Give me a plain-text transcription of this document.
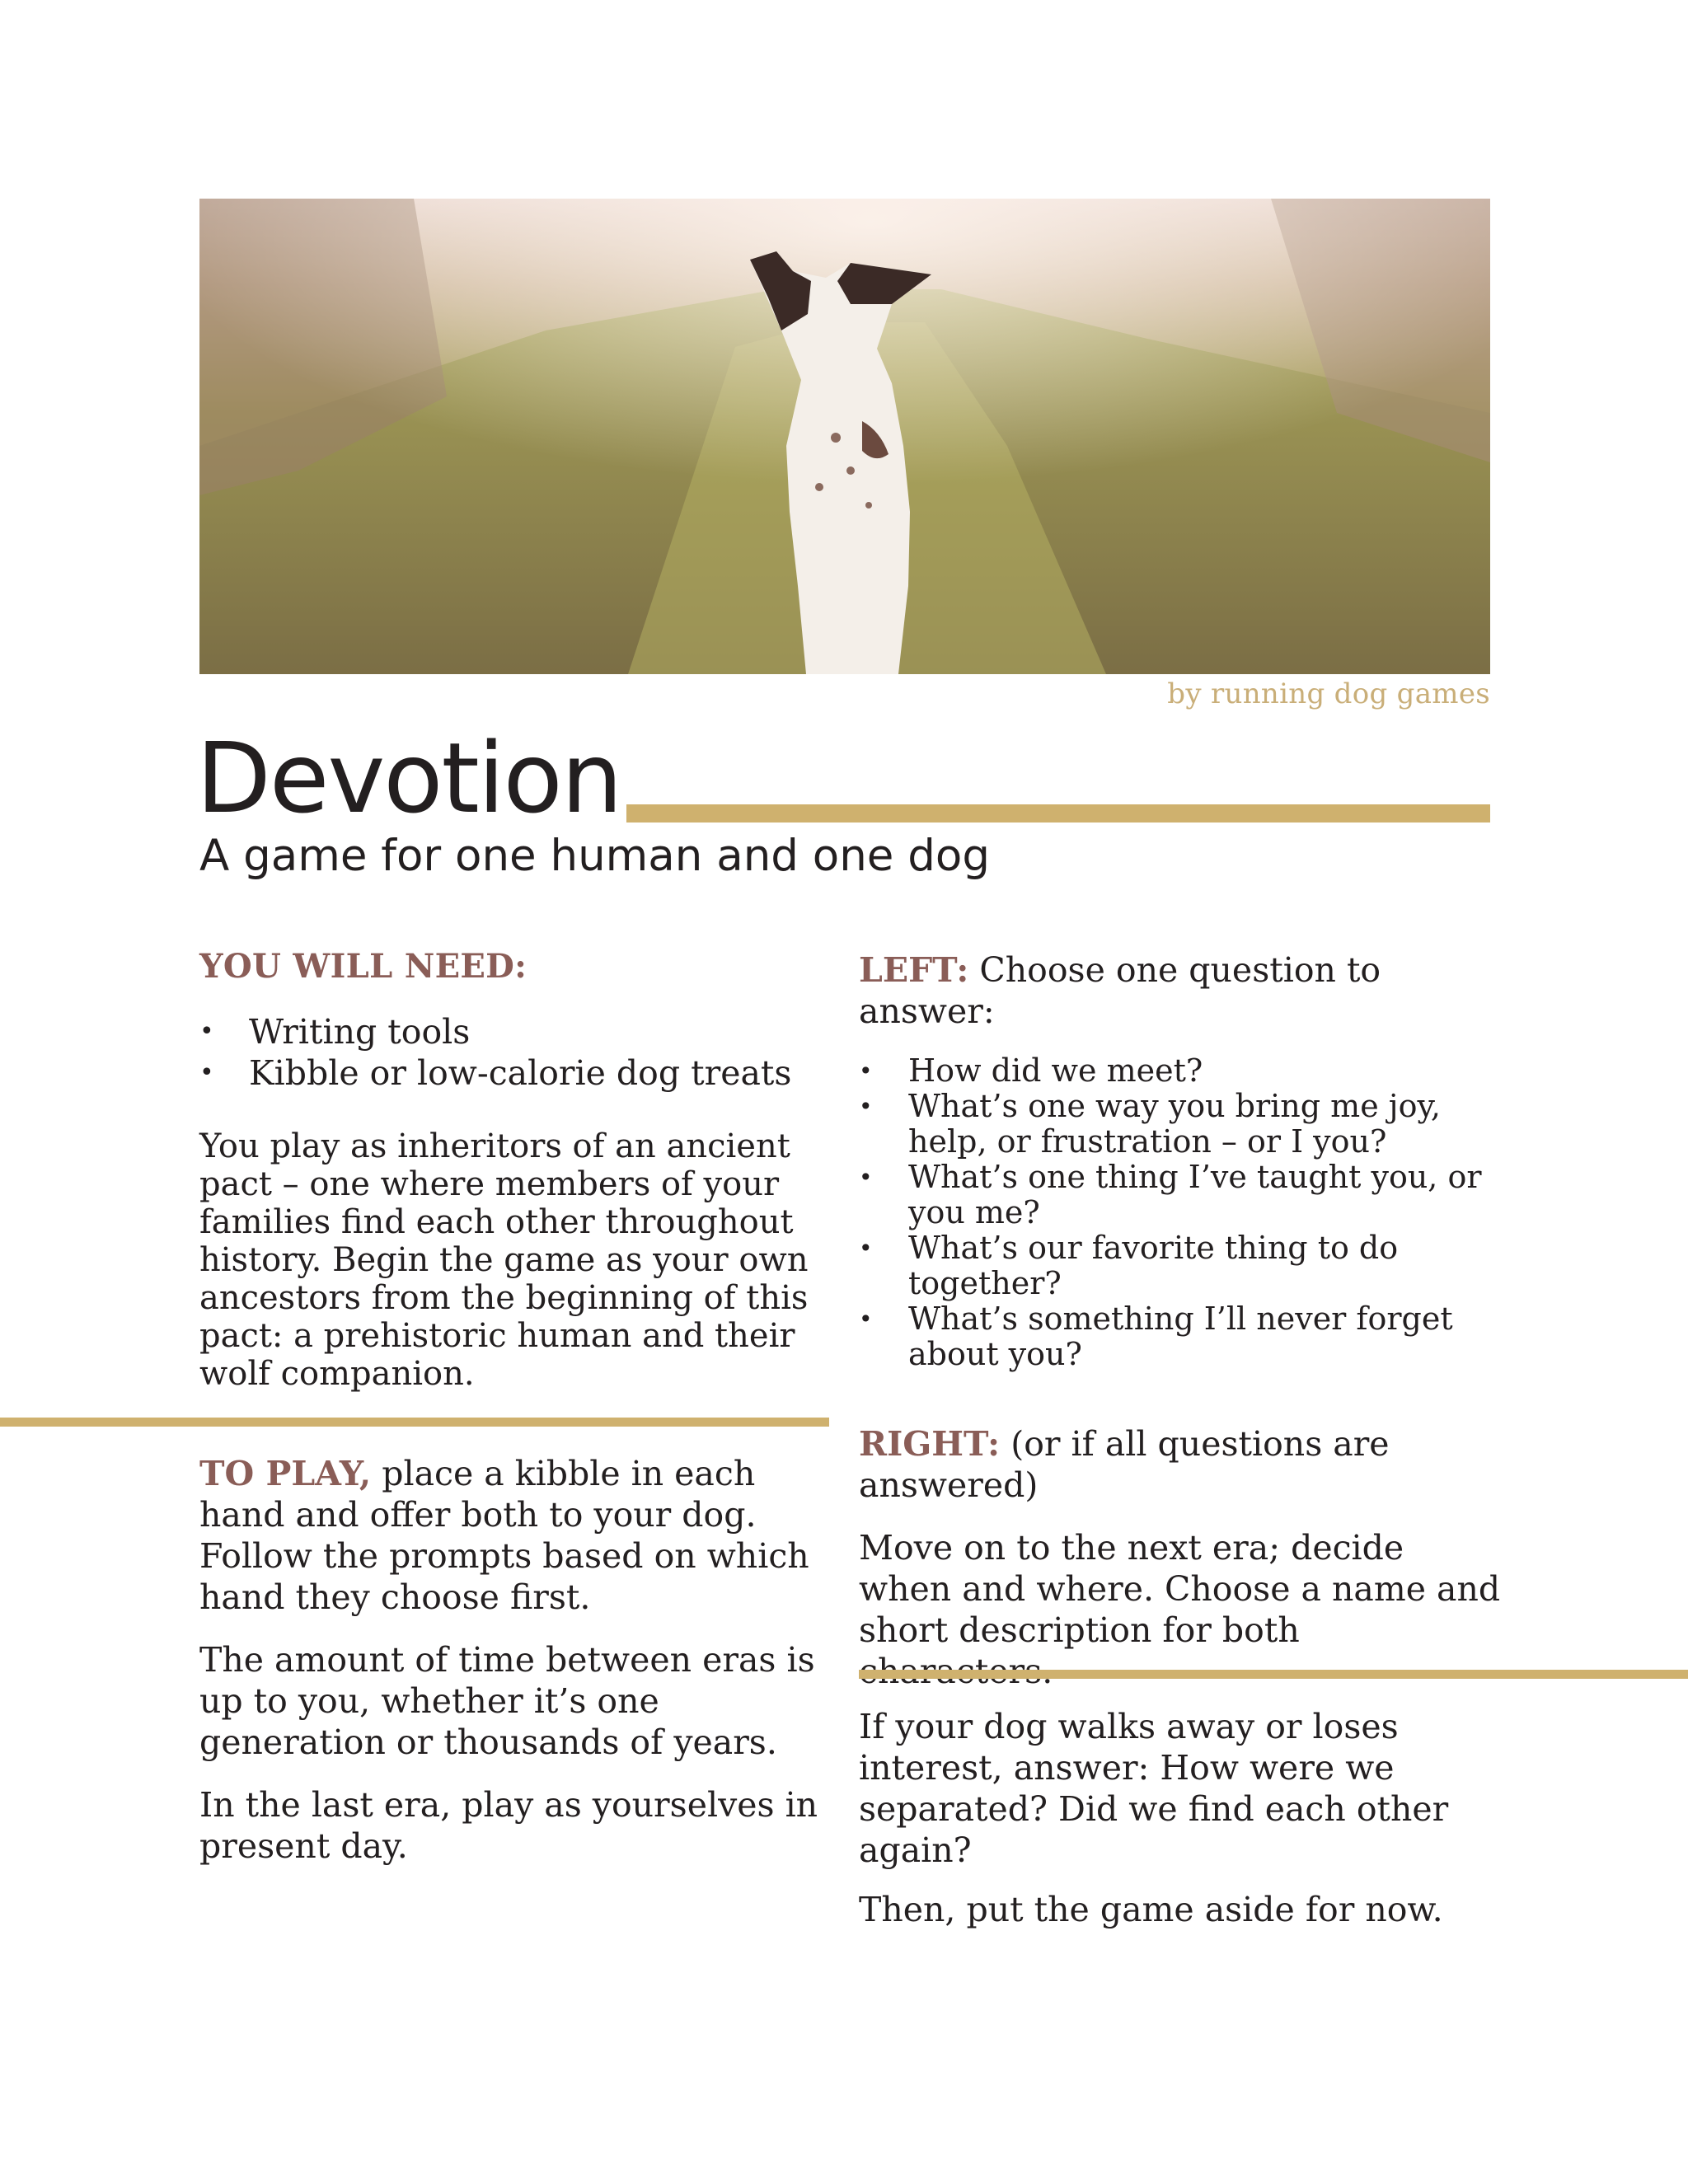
by running dog games
Devotion
A game for one human and one dog
YOU WILL NEED:
• Writing tools
• Kibble or low-calorie dog treats

You play as inheritors of an ancient pact – one where members of your families find each other throughout history. Begin the game as your own ancestors from the beginning of this pact: a prehistoric human and their wolf companion.

TO PLAY, place a kibble in each hand and offer both to your dog. Follow the prompts based on which hand they choose first.

The amount of time between eras is up to you, whether it’s one generation or thousands of years.

In the last era, play as yourselves in present day.

LEFT: Choose one question to answer:

• How did we meet?
• What’s one way you bring me joy, help, or frustration – or I you?
• What’s one thing I’ve taught you, or you me?
• What’s our favorite thing to do together?
• What’s something I’ll never forget about you?

RIGHT: (or if all questions are answered)

Move on to the next era; decide when and where. Choose a name and short description for both

If your dog walks away or loses interest, answer: How were we separated? Did we find each other again?

Then, put the game aside for now.
